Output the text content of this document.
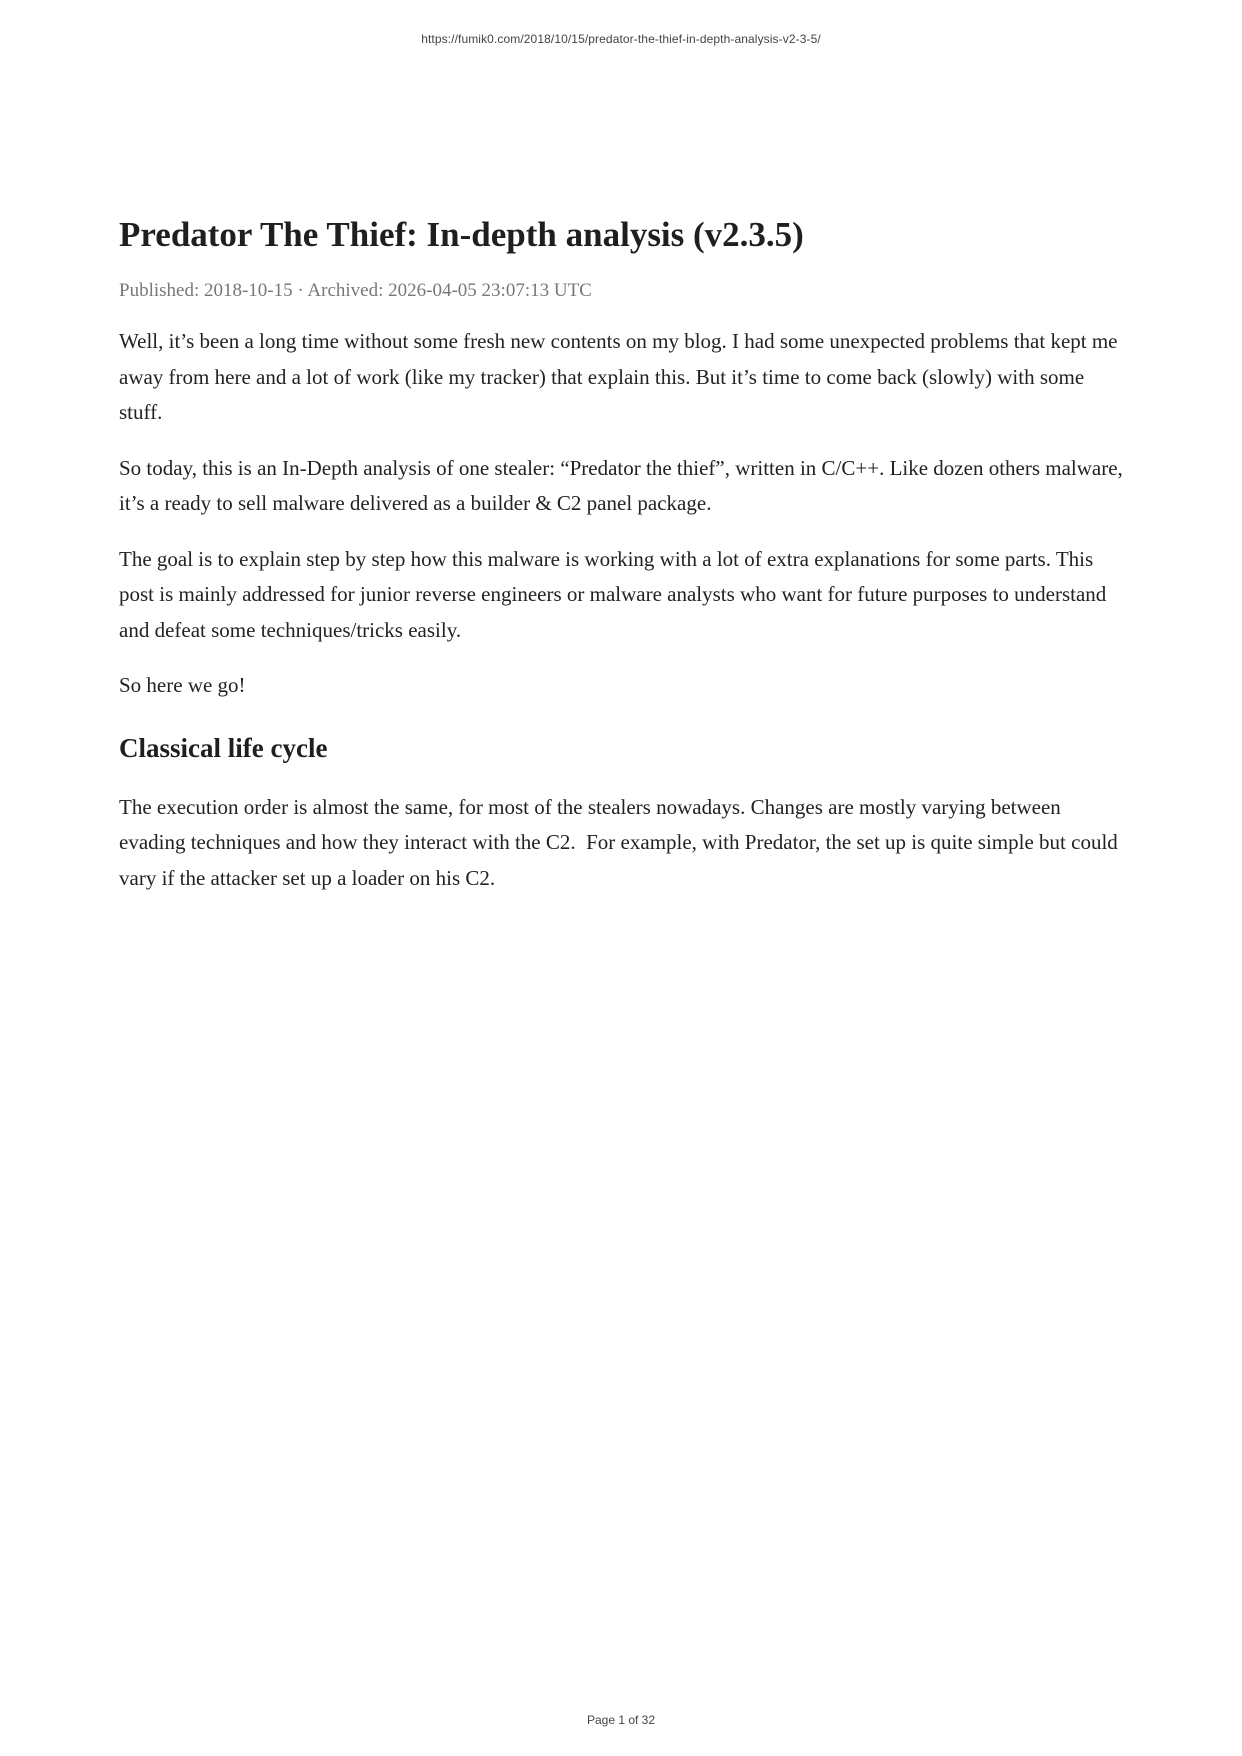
https://fumik0.com/2018/10/15/predator-the-thief-in-depth-analysis-v2-3-5/
Predator The Thief: In-depth analysis (v2.3.5)
Published: 2018-10-15 · Archived: 2026-04-05 23:07:13 UTC

Well, it’s been a long time without some fresh new contents on my blog. I had some unexpected problems that kept me away from here and a lot of work (like my tracker) that explain this. But it’s time to come back (slowly) with some stuff.

So today, this is an In-Depth analysis of one stealer: “Predator the thief”, written in C/C++. Like dozen others malware, it’s a ready to sell malware delivered as a builder & C2 panel package.

The goal is to explain step by step how this malware is working with a lot of extra explanations for some parts. This post is mainly addressed for junior reverse engineers or malware analysts who want for future purposes to understand and defeat some techniques/tricks easily.

So here we go!

Classical life cycle

The execution order is almost the same, for most of the stealers nowadays. Changes are mostly varying between evading techniques and how they interact with the C2.  For example, with Predator, the set up is quite simple but could vary if the attacker set up a loader on his C2.

Page 1 of 32
